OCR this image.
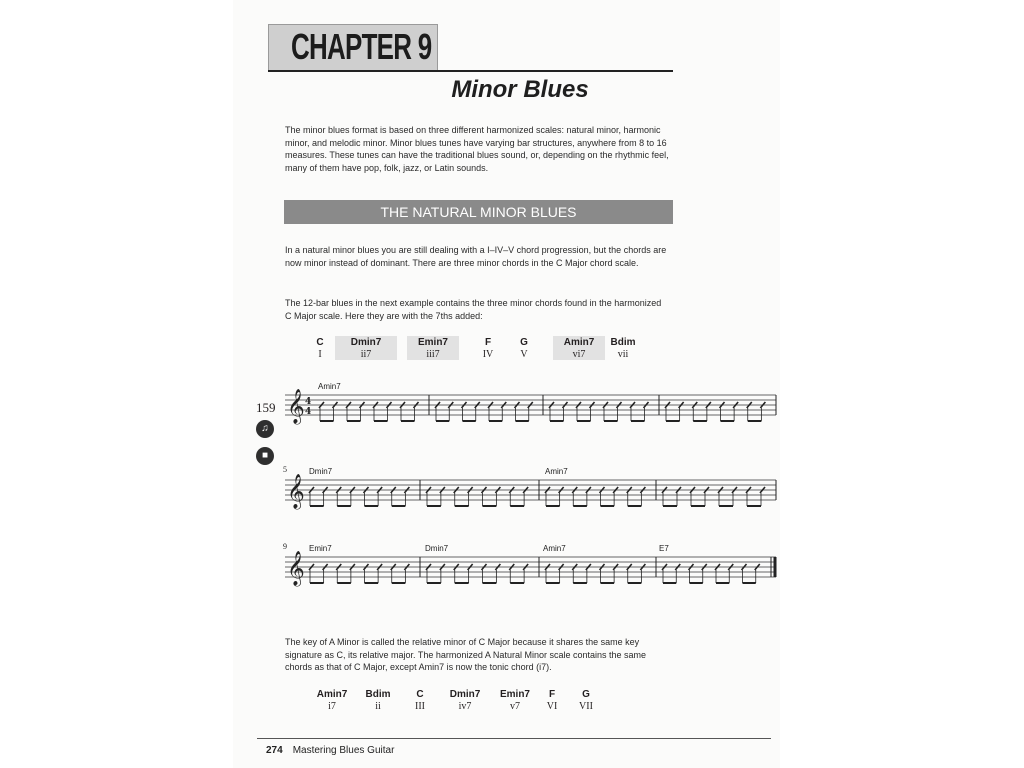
CHAPTER 9
Minor Blues
The minor blues format is based on three different harmonized scales: natural minor, harmonic minor, and melodic minor. Minor blues tunes have varying bar structures, anywhere from 8 to 16 measures. These tunes can have the traditional blues sound, or, depending on the rhythmic feel, many of them have pop, folk, jazz, or Latin sounds.
THE NATURAL MINOR BLUES
In a natural minor blues you are still dealing with a I–IV–V chord progression, but the chords are now minor instead of dominant. There are three minor chords in the C Major chord scale.
The 12-bar blues in the next example contains the three minor chords found in the harmonized C Major scale. Here they are with the 7ths added:
C	Dmin7		Emin7		F	G		Amin7	Bdim
I	ii7		iii7		IV	V		vi7	vii
159
♫
■
𝄞 4
4
Amin7
𝄞
5	Dmin7	Amin7
𝄞
9	Emin7	Dmin7	Amin7	E7
The key of A Minor is called the relative minor of C Major because it shares the same key signature as C, its relative major. The harmonized A Natural Minor scale contains the same chords as that of C Major, except Amin7 is now the tonic chord (i7).
Amin7	Bdim	C	Dmin7	Emin7	F	G
i7	ii	III	iv7	v7	VI	VII
274 Mastering Blues Guitar
